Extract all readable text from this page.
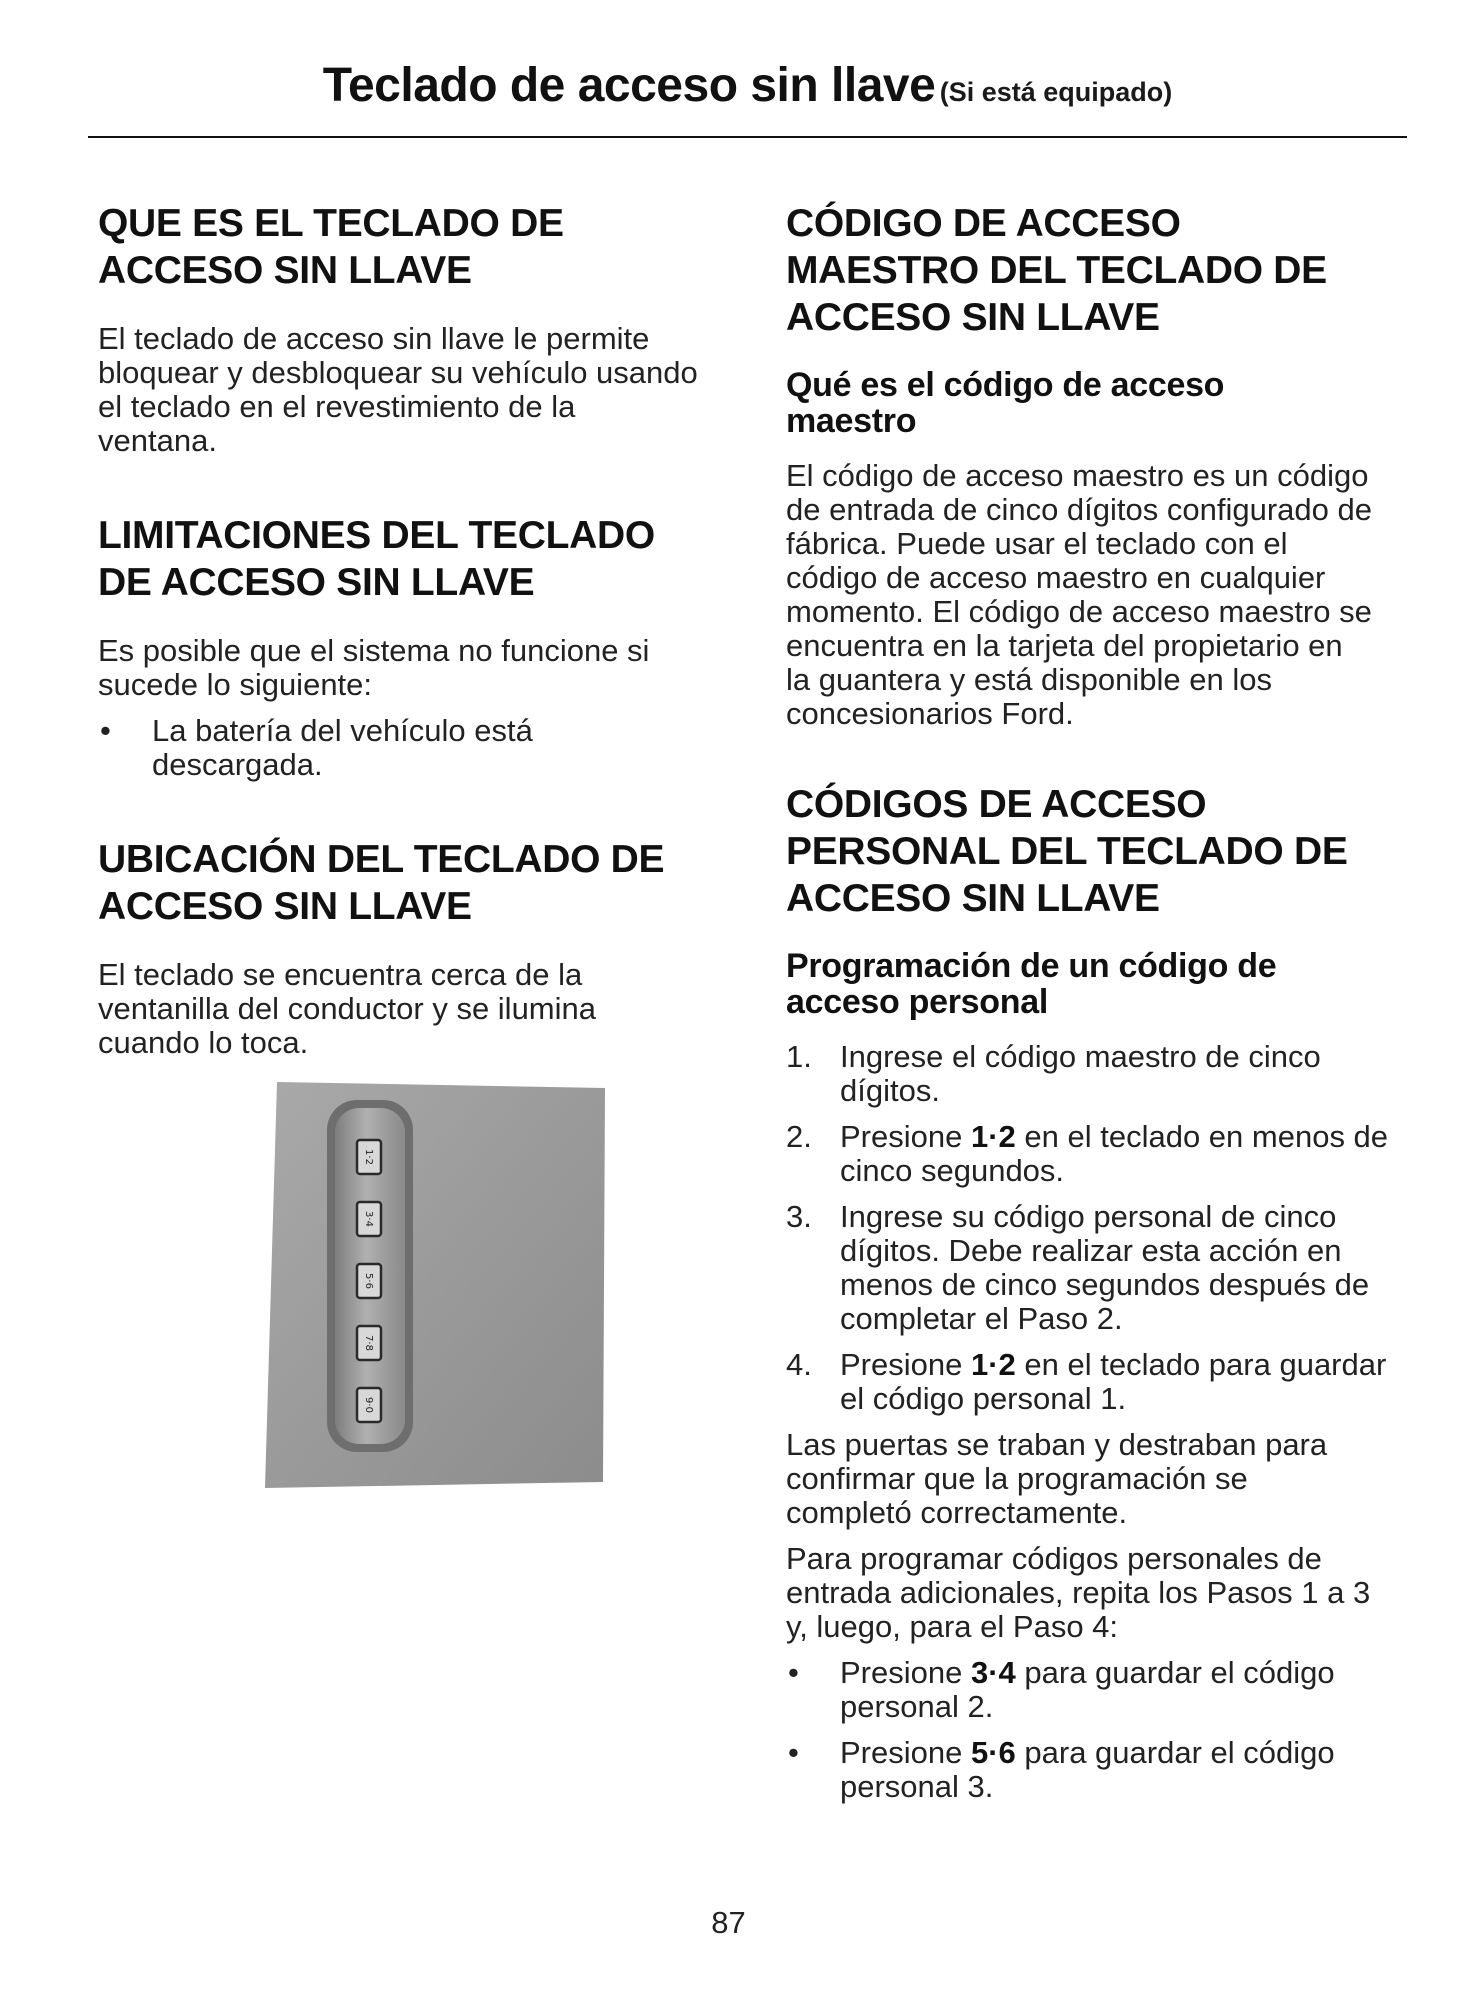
Teclado de acceso sin llave (Si está equipado)
QUE ES EL TECLADO DE
ACCESO SIN LLAVE

El teclado de acceso sin llave le permite
bloquear y desbloquear su vehículo usando
el teclado en el revestimiento de la
ventana.

LIMITACIONES DEL TECLADO
DE ACCESO SIN LLAVE

Es posible que el sistema no funcione si
sucede lo siguiente:

• La batería del vehículo está
descargada.
UBICACIÓN DEL TECLADO DE
ACCESO SIN LLAVE

El teclado se encuentra cerca de la
ventanilla del conductor y se ilumina
cuando lo toca.

1·2
3·4
5·6
7·8
9·0
CÓDIGO DE ACCESO
MAESTRO DEL TECLADO DE
ACCESO SIN LLAVE
Qué es el código de acceso
maestro

El código de acceso maestro es un código
de entrada de cinco dígitos configurado de
fábrica. Puede usar el teclado con el
código de acceso maestro en cualquier
momento. El código de acceso maestro se
encuentra en la tarjeta del propietario en
la guantera y está disponible en los
concesionarios Ford.

CÓDIGOS DE ACCESO
PERSONAL DEL TECLADO DE
ACCESO SIN LLAVE
Programación de un código de
acceso personal
1. Ingrese el código maestro de cinco
dígitos.
2. Presione 1·2 en el teclado en menos de
cinco segundos.
3. Ingrese su código personal de cinco
dígitos. Debe realizar esta acción en
menos de cinco segundos después de
completar el Paso 2.
4. Presione 1·2 en el teclado para guardar
el código personal 1.

Las puertas se traban y destraban para
confirmar que la programación se
completó correctamente.

Para programar códigos personales de
entrada adicionales, repita los Pasos 1 a 3
y, luego, para el Paso 4:

• Presione 3·4 para guardar el código
personal 2.
• Presione 5·6 para guardar el código
personal 3.
87
